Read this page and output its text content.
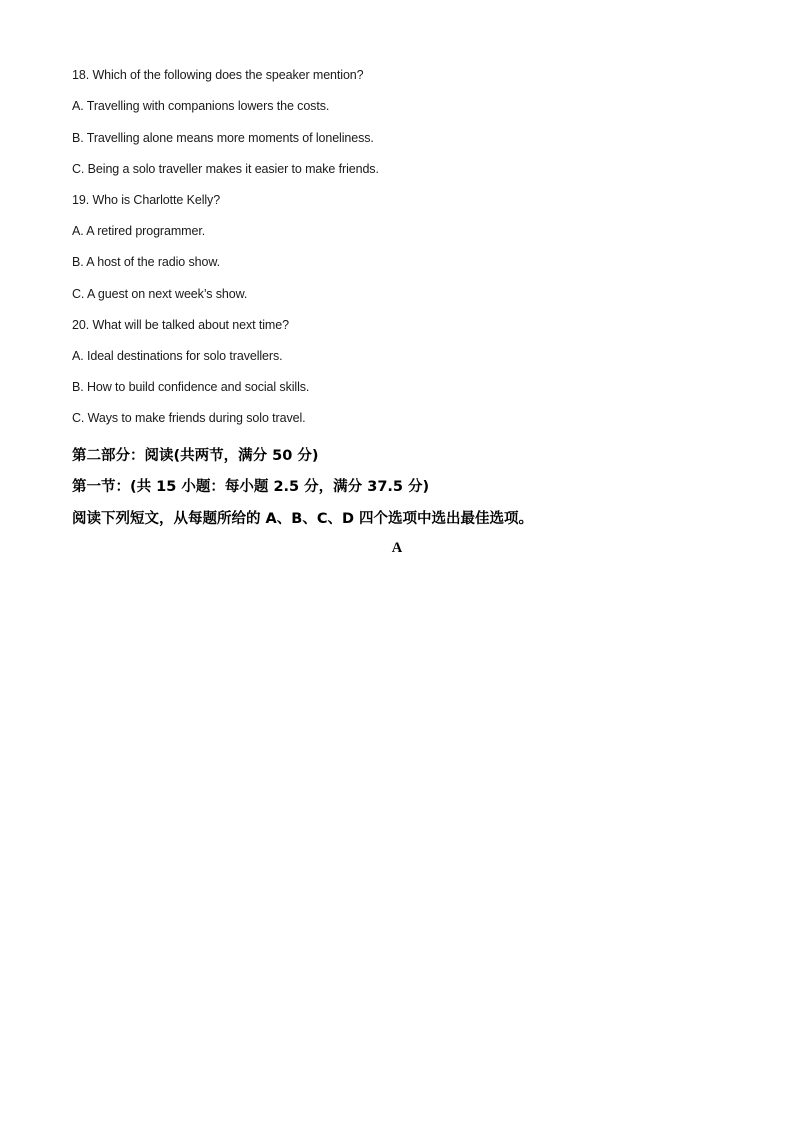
18. Which of the following does the speaker mention?
A. Travelling with companions lowers the costs.
B. Travelling alone means more moments of loneliness.
C. Being a solo traveller makes it easier to make friends.
19. Who is Charlotte Kelly?
A. A retired programmer.
B. A host of the radio show.
C. A guest on next week’s show.
20. What will be talked about next time?
A. Ideal destinations for solo travellers.
B. How to build confidence and social skills.
C. Ways to make friends during solo travel.
第二部分：阅读(共两节，满分 50 分)
第一节：(共 15 小题：每小题 2.5 分，满分 37.5 分)
阅读下列短文，从每题所给的 A、B、C、D 四个选项中选出最佳选项。
A
